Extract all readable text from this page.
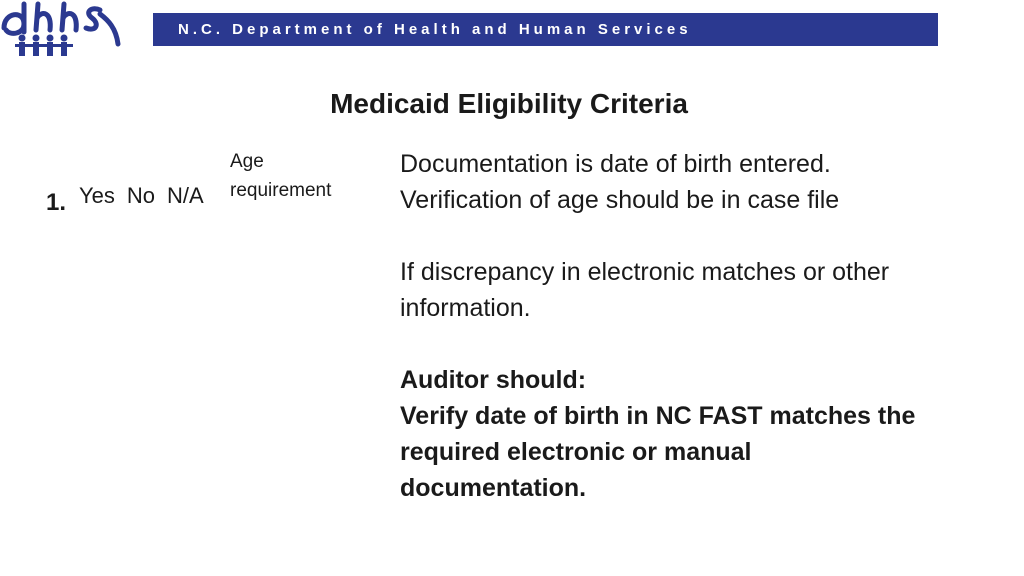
N.C. Department of Health and Human Services
Medicaid Eligibility Criteria
1. Yes No N/A
Age requirement

Documentation is date of birth entered.

Verification of age should be in case file

If discrepancy in electronic matches or other information.

Auditor should:

Verify date of birth in NC FAST matches the required electronic or manual documentation.
